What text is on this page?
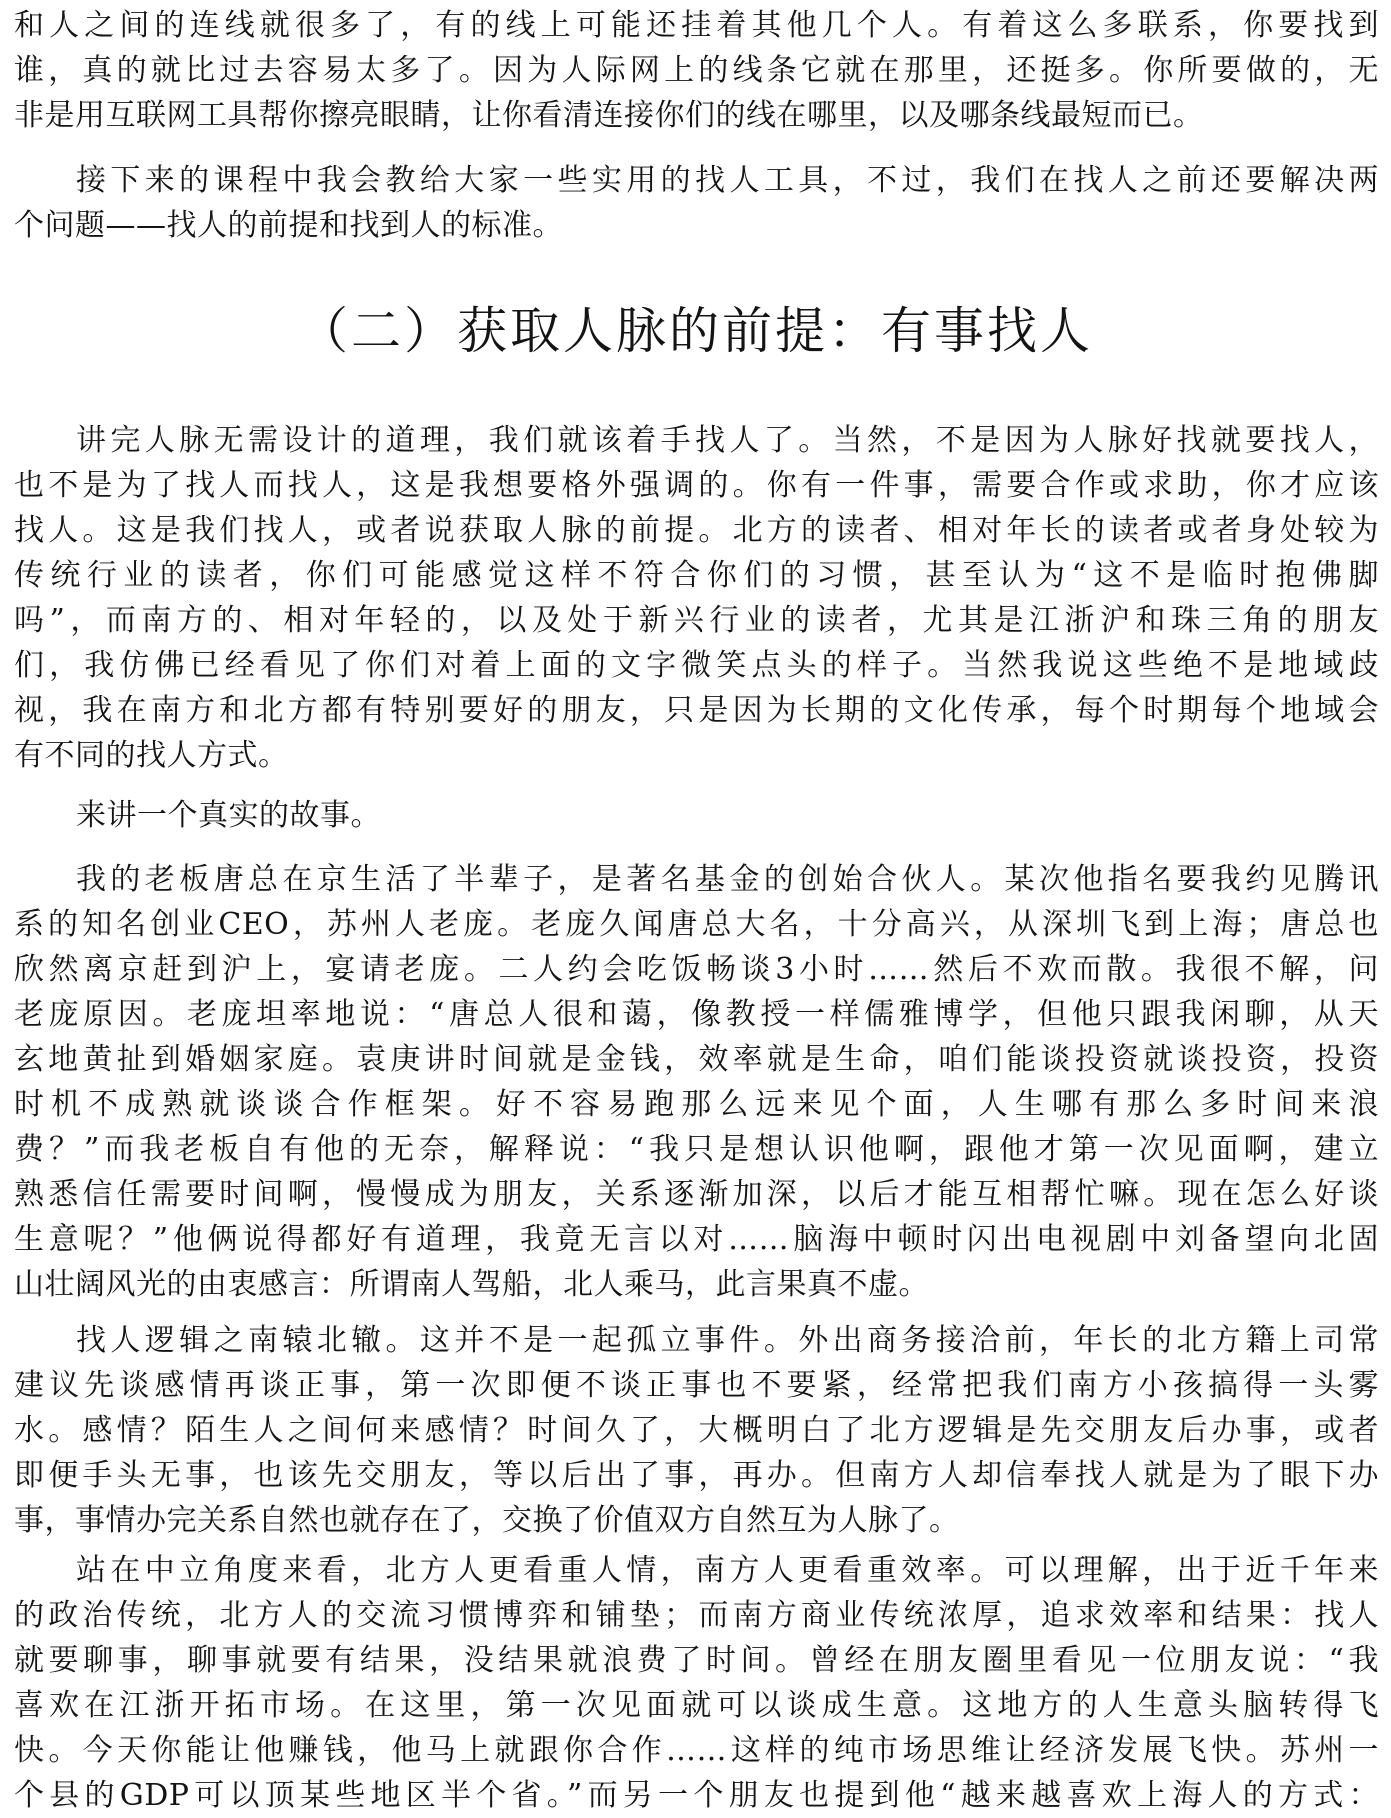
和人之间的连线就很多了，有的线上可能还挂着其他几个人。有着这么多联系，你要找到
谁，真的就比过去容易太多了。因为人际网上的线条它就在那里，还挺多。你所要做的，无
非是用互联网工具帮你擦亮眼睛，让你看清连接你们的线在哪里，以及哪条线最短而已。

接下来的课程中我会教给大家一些实用的找人工具，不过，我们在找人之前还要解决两
个问题——找人的前提和找到人的标准。

（二）获取人脉的前提：有事找人

讲完人脉无需设计的道理，我们就该着手找人了。当然，不是因为人脉好找就要找人，
也不是为了找人而找人，这是我想要格外强调的。你有一件事，需要合作或求助，你才应该
找人。这是我们找人，或者说获取人脉的前提。北方的读者、相对年长的读者或者身处较为
传统行业的读者，你们可能感觉这样不符合你们的习惯，甚至认为“这不是临时抱佛脚
吗”，而南方的、相对年轻的，以及处于新兴行业的读者，尤其是江浙沪和珠三角的朋友
们，我仿佛已经看见了你们对着上面的文字微笑点头的样子。当然我说这些绝不是地域歧
视，我在南方和北方都有特别要好的朋友，只是因为长期的文化传承，每个时期每个地域会
有不同的找人方式。

来讲一个真实的故事。

我的老板唐总在京生活了半辈子，是著名基金的创始合伙人。某次他指名要我约见腾讯
系的知名创业CEO，苏州人老庞。老庞久闻唐总大名，十分高兴，从深圳飞到上海；唐总也
欣然离京赶到沪上，宴请老庞。二人约会吃饭畅谈3小时……然后不欢而散。我很不解，问
老庞原因。老庞坦率地说：“唐总人很和蔼，像教授一样儒雅博学，但他只跟我闲聊，从天
玄地黄扯到婚姻家庭。袁庚讲时间就是金钱，效率就是生命，咱们能谈投资就谈投资，投资
时机不成熟就谈谈合作框架。好不容易跑那么远来见个面，人生哪有那么多时间来浪
费？”而我老板自有他的无奈，解释说：“我只是想认识他啊，跟他才第一次见面啊，建立
熟悉信任需要时间啊，慢慢成为朋友，关系逐渐加深，以后才能互相帮忙嘛。现在怎么好谈
生意呢？”他俩说得都好有道理，我竟无言以对……脑海中顿时闪出电视剧中刘备望向北固
山壮阔风光的由衷感言：所谓南人驾船，北人乘马，此言果真不虚。

找人逻辑之南辕北辙。这并不是一起孤立事件。外出商务接洽前，年长的北方籍上司常
建议先谈感情再谈正事，第一次即便不谈正事也不要紧，经常把我们南方小孩搞得一头雾
水。感情？陌生人之间何来感情？时间久了，大概明白了北方逻辑是先交朋友后办事，或者
即便手头无事，也该先交朋友，等以后出了事，再办。但南方人却信奉找人就是为了眼下办
事，事情办完关系自然也就存在了，交换了价值双方自然互为人脉了。

站在中立角度来看，北方人更看重人情，南方人更看重效率。可以理解，出于近千年来
的政治传统，北方人的交流习惯博弈和铺垫；而南方商业传统浓厚，追求效率和结果：找人
就要聊事，聊事就要有结果，没结果就浪费了时间。曾经在朋友圈里看见一位朋友说：“我
喜欢在江浙开拓市场。在这里，第一次见面就可以谈成生意。这地方的人生意头脑转得飞
快。今天你能让他赚钱，他马上就跟你合作……这样的纯市场思维让经济发展飞快。苏州一
个县的GDP可以顶某些地区半个省。”而另一个朋友也提到他“越来越喜欢上海人的方式：
